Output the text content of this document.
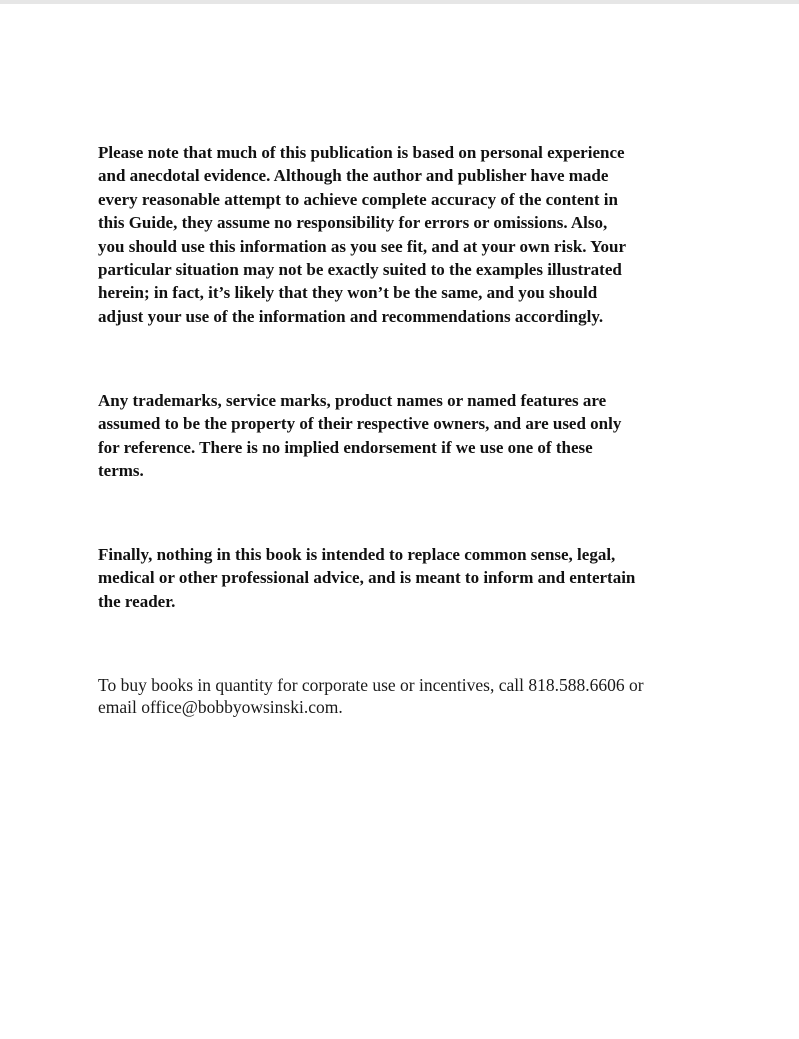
Please note that much of this publication is based on personal experience
and anecdotal evidence. Although the author and publisher have made
every reasonable attempt to achieve complete accuracy of the content in
this Guide, they assume no responsibility for errors or omissions. Also,
you should use this information as you see fit, and at your own risk. Your
particular situation may not be exactly suited to the examples illustrated
herein; in fact, it’s likely that they won’t be the same, and you should
adjust your use of the information and recommendations accordingly.

Any trademarks, service marks, product names or named features are
assumed to be the property of their respective owners, and are used only
for reference. There is no implied endorsement if we use one of these
terms.

Finally, nothing in this book is intended to replace common sense, legal,
medical or other professional advice, and is meant to inform and entertain
the reader.

To buy books in quantity for corporate use or incentives, call 818.588.6606 or
email office@bobbyowsinski.com.
